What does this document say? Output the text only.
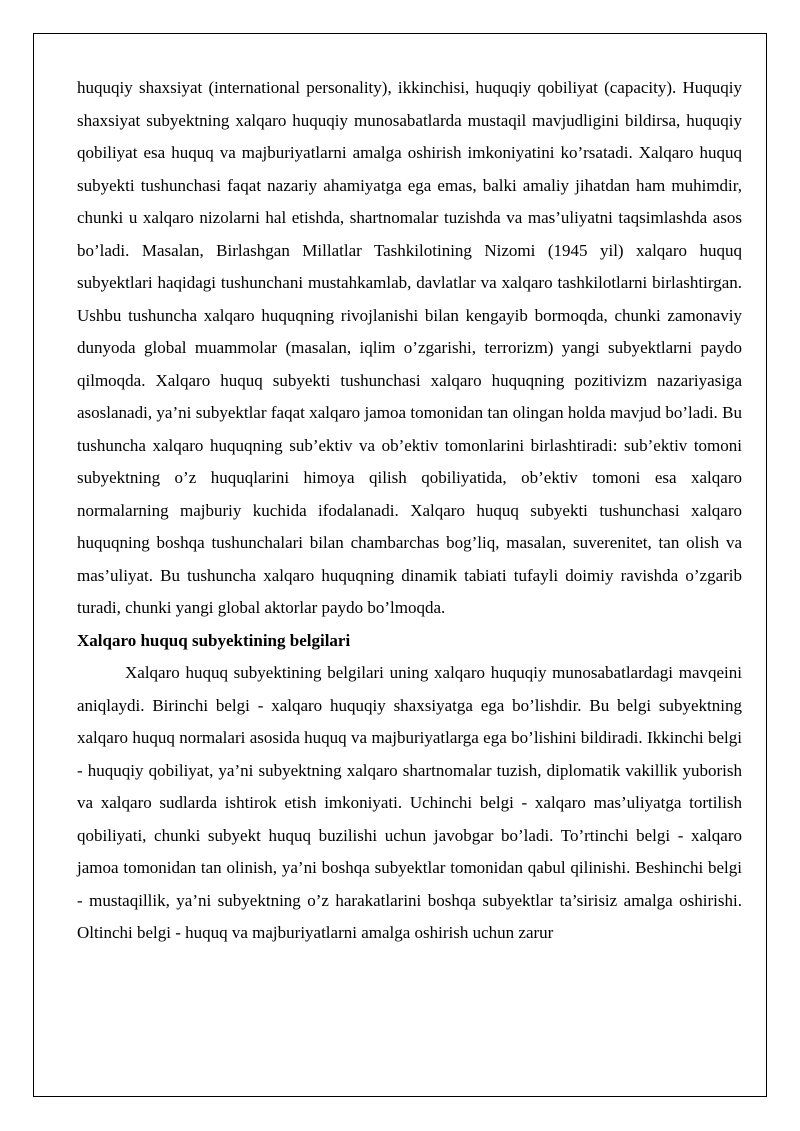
huquqiy shaxsiyat (international personality), ikkinchisi, huquqiy qobiliyat (capacity). Huquqiy shaxsiyat subyektning xalqaro huquqiy munosabatlarda mustaqil mavjudligini bildirsa, huquqiy qobiliyat esa huquq va majburiyatlarni amalga oshirish imkoniyatini ko’rsatadi. Xalqaro huquq subyekti tushunchasi faqat nazariy ahamiyatga ega emas, balki amaliy jihatdan ham muhimdir, chunki u xalqaro nizolarni hal etishda, shartnomalar tuzishda va mas’uliyatni taqsimlashda asos bo’ladi. Masalan, Birlashgan Millatlar Tashkilotining Nizomi (1945 yil) xalqaro huquq subyektlari haqidagi tushunchani mustahkamlab, davlatlar va xalqaro tashkilotlarni birlashtirgan. Ushbu tushuncha xalqaro huquqning rivojlanishi bilan kengayib bormoqda, chunki zamonaviy dunyoda global muammolar (masalan, iqlim o’zgarishi, terrorizm) yangi subyektlarni paydo qilmoqda. Xalqaro huquq subyekti tushunchasi xalqaro huquqning pozitivizm nazariyasiga asoslanadi, ya’ni subyektlar faqat xalqaro jamoa tomonidan tan olingan holda mavjud bo’ladi. Bu tushuncha xalqaro huquqning sub’ektiv va ob’ektiv tomonlarini birlashtiradi: sub’ektiv tomoni subyektning o’z huquqlarini himoya qilish qobiliyatida, ob’ektiv tomoni esa xalqaro normalarning majburiy kuchida ifodalanadi. Xalqaro huquq subyekti tushunchasi xalqaro huquqning boshqa tushunchalari bilan chambarchas bog’liq, masalan, suverenitet, tan olish va mas’uliyat. Bu tushuncha xalqaro huquqning dinamik tabiati tufayli doimiy ravishda o’zgarib turadi, chunki yangi global aktorlar paydo bo’lmoqda.

Xalqaro huquq subyektining belgilari

Xalqaro huquq subyektining belgilari uning xalqaro huquqiy munosabatlardagi mavqeini aniqlaydi. Birinchi belgi - xalqaro huquqiy shaxsiyatga ega bo’lishdir. Bu belgi subyektning xalqaro huquq normalari asosida huquq va majburiyatlarga ega bo’lishini bildiradi. Ikkinchi belgi - huquqiy qobiliyat, ya’ni subyektning xalqaro shartnomalar tuzish, diplomatik vakillik yuborish va xalqaro sudlarda ishtirok etish imkoniyati. Uchinchi belgi - xalqaro mas’uliyatga tortilish qobiliyati, chunki subyekt huquq buzilishi uchun javobgar bo’ladi. To’rtinchi belgi - xalqaro jamoa tomonidan tan olinish, ya’ni boshqa subyektlar tomonidan qabul qilinishi. Beshinchi belgi - mustaqillik, ya’ni subyektning o’z harakatlarini boshqa subyektlar ta’sirisiz amalga oshirishi. Oltinchi belgi - huquq va majburiyatlarni amalga oshirish uchun zarur
